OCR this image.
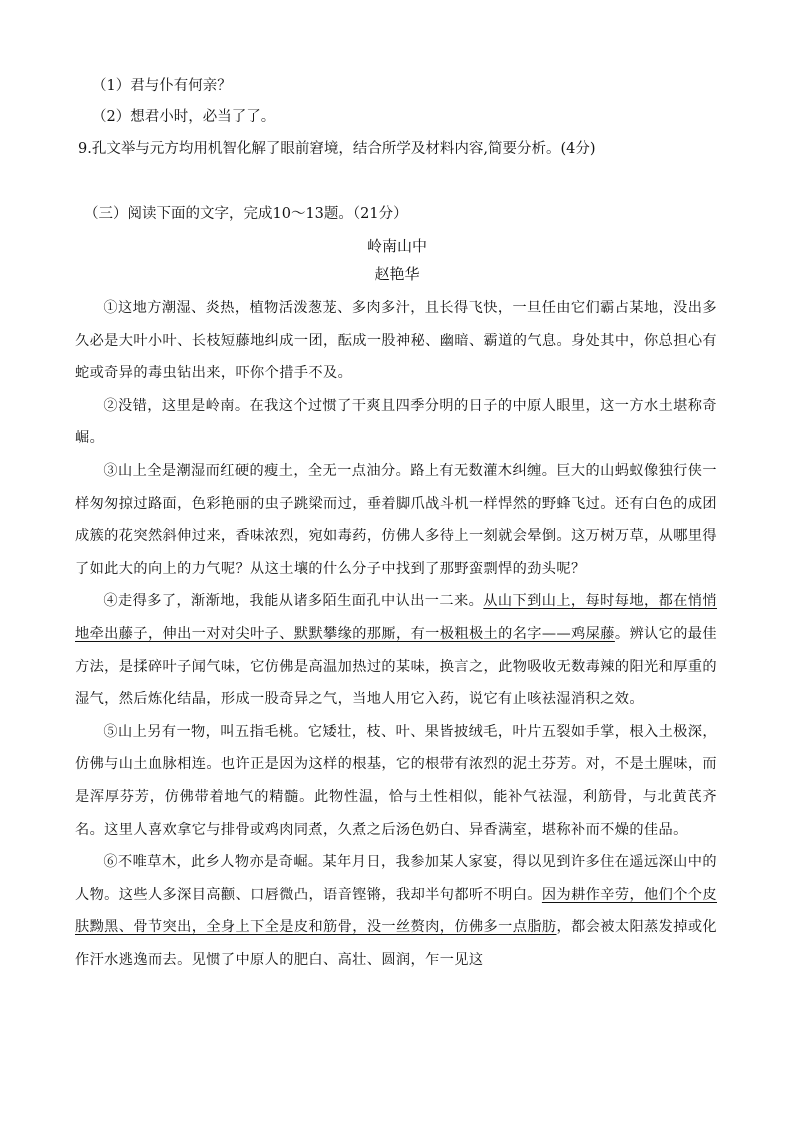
（1）君与仆有何亲？
（2）想君小时，必当了了。
9.孔文举与元方均用机智化解了眼前窘境，结合所学及材料内容,简要分析。(4分)
（三）阅读下面的文字，完成10～13题。（21分）
岭南山中
赵艳华

①这地方潮湿、炎热，植物活泼葱茏、多肉多汁，且长得飞快，一旦任由它们霸占某地，没出多久必是大叶小叶、长枝短藤地纠成一团，酝成一股神秘、幽暗、霸道的气息。身处其中，你总担心有蛇或奇异的毒虫钻出来，吓你个措手不及。

②没错，这里是岭南。在我这个过惯了干爽且四季分明的日子的中原人眼里，这一方水土堪称奇崛。

③山上全是潮湿而红硬的瘦土，全无一点油分。路上有无数灌木纠缠。巨大的山蚂蚁像独行侠一样匆匆掠过路面，色彩艳丽的虫子跳梁而过，垂着脚爪战斗机一样悍然的野蜂飞过。还有白色的成团成簇的花突然斜伸过来，香味浓烈，宛如毒药，仿佛人多待上一刻就会晕倒。这万树万草，从哪里得了如此大的向上的力气呢？从这土壤的什么分子中找到了那野蛮剽悍的劲头呢？

④走得多了，渐渐地，我能从诸多陌生面孔中认出一二来。从山下到山上，每时每地，都在悄悄地牵出藤子，伸出一对对尖叶子、默默攀缘的那厮，有一极粗极土的名字——鸡屎藤。辨认它的最佳方法，是揉碎叶子闻气味，它仿佛是高温加热过的某味，换言之，此物吸收无数毒辣的阳光和厚重的湿气，然后炼化结晶，形成一股奇异之气，当地人用它入药，说它有止咳祛湿消积之效。

⑤山上另有一物，叫五指毛桃。它矮壮，枝、叶、果皆披绒毛，叶片五裂如手掌，根入土极深，仿佛与山土血脉相连。也许正是因为这样的根基，它的根带有浓烈的泥土芬芳。对，不是土腥味，而是浑厚芬芳，仿佛带着地气的精髓。此物性温，恰与土性相似，能补气祛湿，利筋骨，与北黄芪齐名。这里人喜欢拿它与排骨或鸡肉同煮，久煮之后汤色奶白、异香满室，堪称补而不燥的佳品。

⑥不唯草木，此乡人物亦是奇崛。某年月日，我参加某人家宴，得以见到许多住在遥远深山中的人物。这些人多深目高颧、口唇微凸，语音铿锵，我却半句都听不明白。因为耕作辛劳，他们个个皮肤黝黑、骨节突出，全身上下全是皮和筋骨，没一丝赘肉，仿佛多一点脂肪，都会被太阳蒸发掉或化作汗水逃逸而去。见惯了中原人的肥白、高壮、圆润，乍一见这
